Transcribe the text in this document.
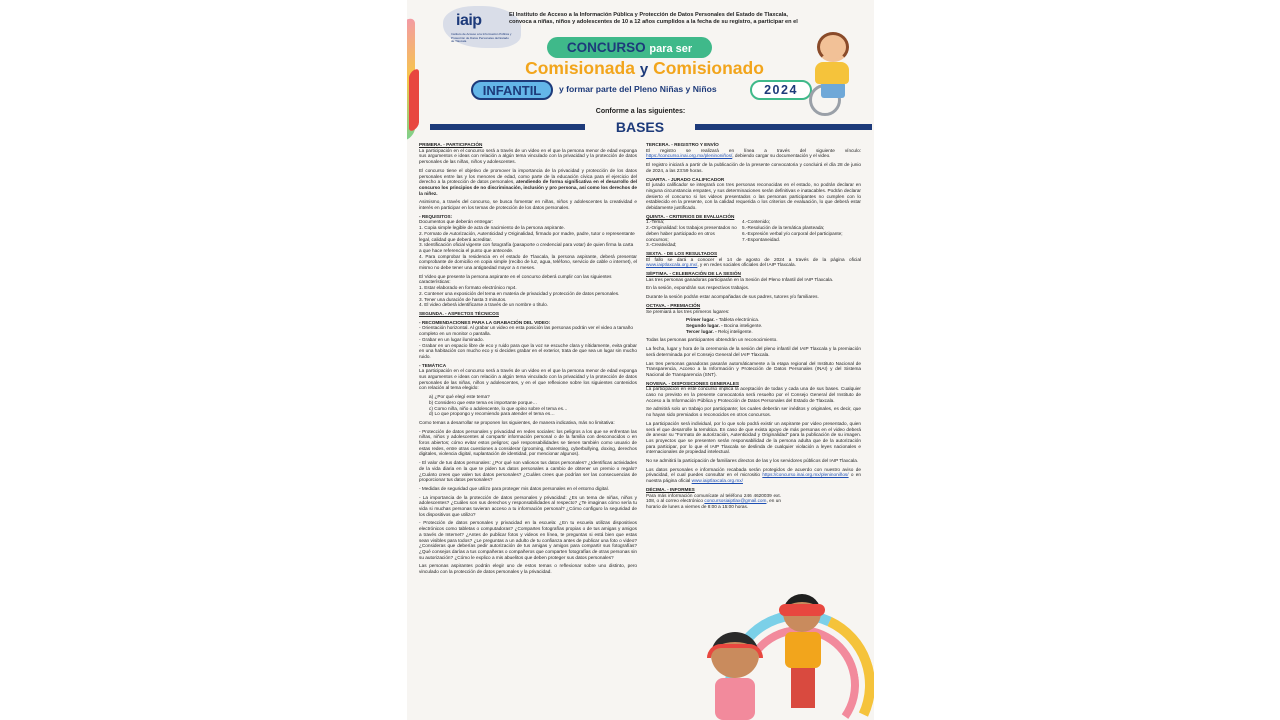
iaip
Instituto de Acceso a la Información Pública y Protección de Datos Personales del Estado de Tlaxcala
El Instituto de Acceso a la Información Pública y Protección de Datos Personales del Estado de Tlaxcala,
convoca a niñas, niños y adolescentes de 10 a 12 años cumplidos a la fecha de su registro, a participar en el
CONCURSO para ser
Comisionada y Comisionado
INFANTIL	y formar parte del Pleno Niñas y Niños	2024
Conforme a las siguientes:
BASES

PRIMERA. - PARTICIPACIÓN

La participación en el concurso será a través de un video en el que la persona menor de edad exponga sus argumentos e ideas con relación a algún tema vinculado con la privacidad y la protección de datos personales de las niñas, niños y adolescentes.

El concurso tiene el objetivo de promover la importancia de la privacidad y protección de los datos personales entre las y los menores de edad, como parte de la educación cívica para el ejercicio del derecho a la protección de datos personales, atendiendo de forma significativa en el desarrollo del concurso los principios de no discriminación, inclusión y pro persona, así como los derechos de la niñez.

Asimismo, a través del concurso, se busca fomentar en niñas, niños y adolescentes la creatividad e interés en participar en los temas de protección de los datos personales.

- REQUISITOS:

Documentos que deberán entregar:
1. Copia simple legible de acta de nacimiento de la persona aspirante.
2. Formato de Autorización, Autenticidad y Originalidad, firmado por madre, padre, tutor o representante legal, calidad que deberá acreditar.
3. Identificación oficial vigente con fotografía (pasaporte o credencial para votar) de quien firma la carta a que hace referencia el punto que antecede.

4. Para comprobar la residencia en el estado de Tlaxcala, la persona aspirante, deberá presentar comprobante de domicilio en copia simple (recibo de luz, agua, teléfono, servicio de cable o internet), el mismo no debe tener una antigüedad mayor a 4 meses.

El Video que presente la persona aspirante en el concurso deberá cumplir con las siguientes características:
1. Estar elaborado en formato electrónico mp4.
2. Contener una exposición del tema en materia de privacidad y protección de datos personales.
3. Tener una duración de hasta 3 minutos.

4. El video deberá identificarse a través de un nombre o título.

SEGUNDA. - ASPECTOS TÉCNICOS

- RECOMENDACIONES PARA LA GRABACIÓN DEL VIDEO:

- Orientación horizontal. Al grabar un video en esta posición las personas podrán ver el video a tamaño completo en un monitor o pantalla.
- Grabar en un lugar iluminado.

- Grabar en un espacio libre de eco y ruido para que la voz se escuche clara y nítidamente, evita grabar en una habitación con mucho eco y si decides grabar en el exterior, trata de que sea un lugar sin mucho ruido.

- TEMÁTICA

La participación en el concurso será a través de un video en el que la persona menor de edad exponga sus argumentos e ideas con relación a algún tema vinculado con la privacidad y la protección de datos personales de las niñas, niños y adolescentes, y en el que reflexione sobre los siguientes contenidos con relación al tema elegido:

a) ¿Por qué elegí este tema?
b) Considero que este tema es importante porque…
c) Como niña, niño o adolescente, lo que opino sobre el tema es…

d) Lo que propongo y recomiendo para atender el tema es…

Como temas a desarrollar se proponen los siguientes, de manera indicativa, más no limitativa:

- Protección de datos personales y privacidad en redes sociales: los peligros a los que se enfrentan las niñas, niños y adolescentes al compartir información personal o de la familia con desconocidos o en foros abiertos; cómo evitar estos peligros; qué responsabilidades se tienen también como usuario de estas redes, entre otras cuestiones a considerar (grooming, sharenting, cyberbullying, doxing, derechos digitales, violencia digital, suplantación de identidad, por mencionar algunos).

- El valor de tus datos personales: ¿Por qué son valiosos tus datos personales? ¿Identificas actividades de la vida diaria en la que te piden tus datos personales a cambio de obtener un premio o regalo? ¿Cuánto crees que valen tus datos personales? ¿Cuáles crees que podrían ser las consecuencias de proporcionar tus datos personales?

- Medidas de seguridad que utilizo para proteger mis datos personales en el entorno digital.

- La importancia de la protección de datos personales y privacidad: ¿Es un tema de niñas, niños y adolescentes? ¿Cuáles son sus derechos y responsabilidades al respecto? ¿Te imaginas cómo sería tu vida si muchas personas tuvieran acceso a tu información personal? ¿Cómo configuro la seguridad de los dispositivos que utilizo?

- Protección de datos personales y privacidad en la escuela: ¿En tu escuela utilizas dispositivos electrónicos como tabletas o computadoras? ¿Compartes fotografías propias o de tus amigas y amigos a través de Internet? ¿Antes de publicar fotos y videos en línea, te preguntas si está bien que estas sean visibles para todos? ¿Le preguntas a un adulto de tu confianza antes de publicar una foto o video? ¿Consideras que deberías pedir autorización de tus amigas y amigos para compartir sus fotografías? ¿Qué consejos darías a tus compañeras o compañeros que comparten fotografías de otras personas sin su autorización? ¿Cómo le explico a mis abuelitos que deben proteger sus datos personales?

Las personas aspirantes podrán elegir uno de estos temas o reflexionar sobre uno distinto, pero vinculado con la protección de datos personales y la privacidad.

TERCERA. - REGISTRO Y ENVÍO

El registro se realizará en línea a través del siguiente vínculo: https://concurso.inai.org.mx/pleninoniños/, debiendo cargar su documentación y el video.

El registro iniciará a partir de la publicación de la presente convocatoria y concluirá el día 28 de junio de 2024, a las 23:59 horas.

CUARTA. - JURADO CALIFICADOR

El jurado calificador se integrará con tres personas reconocidas en el estado, no podrán declarar en ninguna circunstancia empates, y sus determinaciones serán definitivas e inatacables. Podrán declarar desierto el concurso si los videos presentados o las personas participantes no cumplen con lo establecido en la presente, con la calidad requerida o los criterios de evaluación, lo que deberá estar debidamente justificado.

QUINTA. - CRITERIOS DE EVALUACIÓN

1.-Tema;
2.-Originalidad: los trabajos presentados no deben haber participado en otros concursos;
3.-Creatividad;
4.-Contenido;
5.-Resolución de la temática planteada;
6.-Expresión verbal y/o corporal del participante;
7.-Espontaneidad.

SEXTA. - DE LOS RESULTADOS

El fallo se dará a conocer el 14 de agosto de 2024 a través de la página oficial www.iaiptlaxcala.org.mx/, y en redes sociales oficiales del IAIP Tlaxcala.

SÉPTIMA. - CELEBRACIÓN DE LA SESIÓN

Las tres personas ganadoras participarán en la Sesión del Pleno Infantil del IAIP Tlaxcala.

En la sesión, expondrán sus respectivos trabajos.

Durante la sesión podrán estar acompañadas de sus padres, tutores y/o familiares.

OCTAVA. - PREMIACIÓN

Se premiará a los tres primeros lugares:

Primer lugar. - Tableta electrónica.
Segundo lugar. - Bocina inteligente.

Tercer lugar. - Reloj inteligente.

Todas las personas participantes obtendrán un reconocimiento.

La fecha, lugar y hora de la ceremonia de la sesión del pleno infantil del IAIP Tlaxcala y la premiación será determinada por el Consejo General del IAIP Tlaxcala.

Las tres personas ganadoras pasarán automáticamente a la etapa regional del Instituto Nacional de Transparencia, Acceso a la Información y Protección de Datos Personales (INAI) y del Sistema Nacional de Transparencia (SNT).

NOVENA. - DISPOSICIONES GENERALES

La participación en este concurso implica la aceptación de todas y cada una de sus bases. Cualquier caso no previsto en la presente convocatoria será resuelto por el Consejo General del Instituto de Acceso a la Información Pública y Protección de Datos Personales del Estado de Tlaxcala.

Se admitirá solo un trabajo por participante; los cuales deberán ser inéditos y originales, es decir, que no hayan sido premiados o reconocidos en otros concursos.

La participación será individual, por lo que solo podrá existir un aspirante por video presentado, quien será el que desarrolle la temática. En caso de que exista apoyo de más personas en el video deberá de anexar su "Formato de autorización, Autenticidad y Originalidad" para la publicación de su imagen. Los proyectos que se presenten serán responsabilidad de la persona adulta que de la autorización para participar, por lo que el IAIP Tlaxcala se deslinda de cualquier violación a leyes nacionales e internacionales de propiedad intelectual.

No se admitirá la participación de familiares directos de las y los servidores públicos del IAIP Tlaxcala.

Los datos personales e información recabada serán protegidos de acuerdo con nuestro aviso de privacidad, el cual puedes consultar en el micrositio https://concurso.inai.org.mx/pleninoniños/ o en nuestra página oficial www.iaiptlaxcala.org.mx/

DÉCIMA. - INFORMES

Para más información comunícate al teléfono 246 4620039 ext. 108, o al correo electrónico concursosiaiptlax@gmail.com, en un horario de lunes a viernes de 8:00 a 15:00 horas.
